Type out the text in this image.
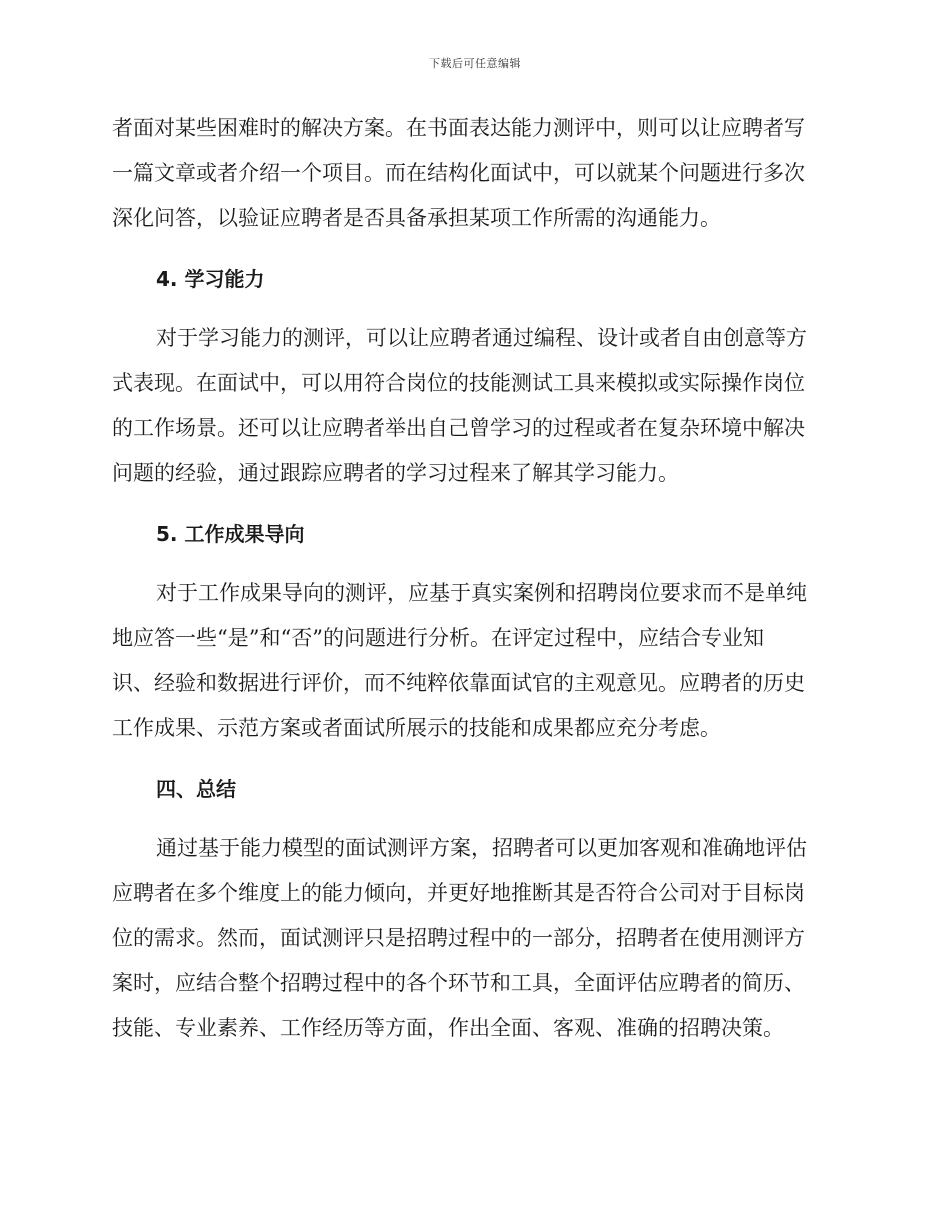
下载后可任意编辑
者面对某些困难时的解决方案。在书面表达能力测评中，则可以让应聘者写
一篇文章或者介绍一个项目。而在结构化面试中，可以就某个问题进行多次
深化问答，以验证应聘者是否具备承担某项工作所需的沟通能力。
4. 学习能力
对于学习能力的测评，可以让应聘者通过编程、设计或者自由创意等方
式表现。在面试中，可以用符合岗位的技能测试工具来模拟或实际操作岗位
的工作场景。还可以让应聘者举出自己曾学习的过程或者在复杂环境中解决
问题的经验，通过跟踪应聘者的学习过程来了解其学习能力。
5. 工作成果导向
对于工作成果导向的测评，应基于真实案例和招聘岗位要求而不是单纯
地应答一些“是”和“否”的问题进行分析。在评定过程中，应结合专业知
识、经验和数据进行评价，而不纯粹依靠面试官的主观意见。应聘者的历史
工作成果、示范方案或者面试所展示的技能和成果都应充分考虑。
四、总结
通过基于能力模型的面试测评方案，招聘者可以更加客观和准确地评估
应聘者在多个维度上的能力倾向，并更好地推断其是否符合公司对于目标岗
位的需求。然而，面试测评只是招聘过程中的一部分，招聘者在使用测评方
案时，应结合整个招聘过程中的各个环节和工具，全面评估应聘者的简历、
技能、专业素养、工作经历等方面，作出全面、客观、准确的招聘决策。
